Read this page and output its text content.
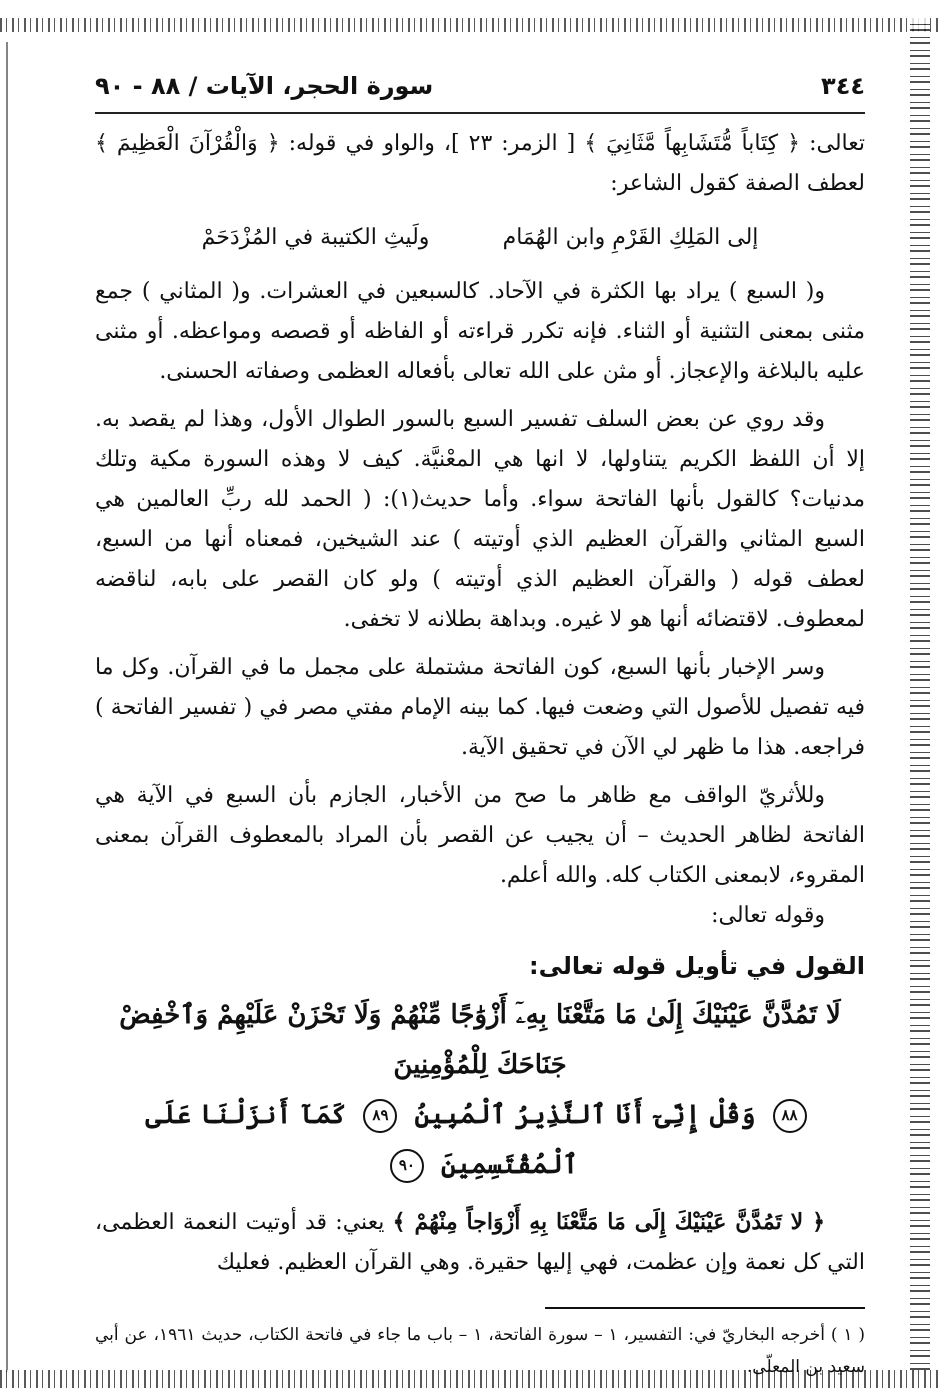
٣٤٤
سورة الحجر، الآيات / ٨٨ - ٩٠

تعالى: ﴿ كِتَاباً مُّتَشَابِهاً مَّثَانِيَ ﴾ [ الزمر: ٢٣ ]، والواو في قوله: ﴿ وَالْقُرْآنَ الْعَظِيمَ ﴾ لعطف الصفة كقول الشاعر:

إلى المَلِكِ القَرْمِ وابن الهُمَام
ولَيثِ الكتيبة في المُزْدَحَمْ

و( السبع ) يراد بها الكثرة في الآحاد. كالسبعين في العشرات. و( المثاني ) جمع مثنى بمعنى التثنية أو الثناء. فإنه تكرر قراءته أو الفاظه أو قصصه ومواعظه. أو مثنى عليه بالبلاغة والإعجاز. أو مثن على الله تعالى بأفعاله العظمى وصفاته الحسنى.

وقد روي عن بعض السلف تفسير السبع بالسور الطوال الأول، وهذا لم يقصد به. إلا أن اللفظ الكريم يتناولها، لا انها هي المعْنيَّة. كيف لا وهذه السورة مكية وتلك مدنيات؟ كالقول بأنها الفاتحة سواء. وأما حديث(١): ( الحمد لله ربِّ العالمين هي السبع المثاني والقرآن العظيم الذي أوتيته ) عند الشيخين، فمعناه أنها من السبع، لعطف قوله ( والقرآن العظيم الذي أوتيته ) ولو كان القصر على بابه، لناقضه لمعطوف. لاقتضائه أنها هو لا غيره. وبداهة بطلانه لا تخفى.

وسر الإخبار بأنها السبع، كون الفاتحة مشتملة على مجمل ما في القرآن. وكل ما فيه تفصيل للأصول التي وضعت فيها. كما بينه الإمام مفتي مصر في ( تفسير الفاتحة ) فراجعه. هذا ما ظهر لي الآن في تحقيق الآية.

وللأثريّ الواقف مع ظاهر ما صح من الأخبار، الجازم بأن السبع في الآية هي الفاتحة لظاهر الحديث – أن يجيب عن القصر بأن المراد بالمعطوف القرآن بمعنى المقروء، لابمعنى الكتاب كله. والله أعلم.

وقوله تعالى:

القول في تأويل قوله تعالى:

لَا تَمُدَّنَّ عَيْنَيْكَ إِلَىٰ مَا مَتَّعْنَا بِهِۦٓ أَزْوَٰجًا مِّنْهُمْ وَلَا تَحْزَنْ عَلَيْهِمْ وَٱخْفِضْ جَنَاحَكَ لِلْمُؤْمِنِينَ
٨٨ وَقُلْ إِنِّىٓ أَنَا ٱلنَّذِيرُ ٱلْمُبِينُ ٨٩ كَمَآ أَنزَلْنَا عَلَى ٱلْمُقْتَسِمِينَ ٩٠

﴿ لا تَمُدَّنَّ عَيْنَيْكَ إِلَى مَا مَتَّعْنَا بِهِ أَزْوَاجاً مِنْهُمْ ﴾ يعني: قد أوتيت النعمة العظمى، التي كل نعمة وإن عظمت، فهي إليها حقيرة. وهي القرآن العظيم. فعليك

( ١ ) أخرجه البخاريّ في: التفسير، ١ – سورة الفاتحة، ١ – باب ما جاء في فاتحة الكتاب، حديث ١٩٦١، عن أبي سعيد بن المعلّى.
